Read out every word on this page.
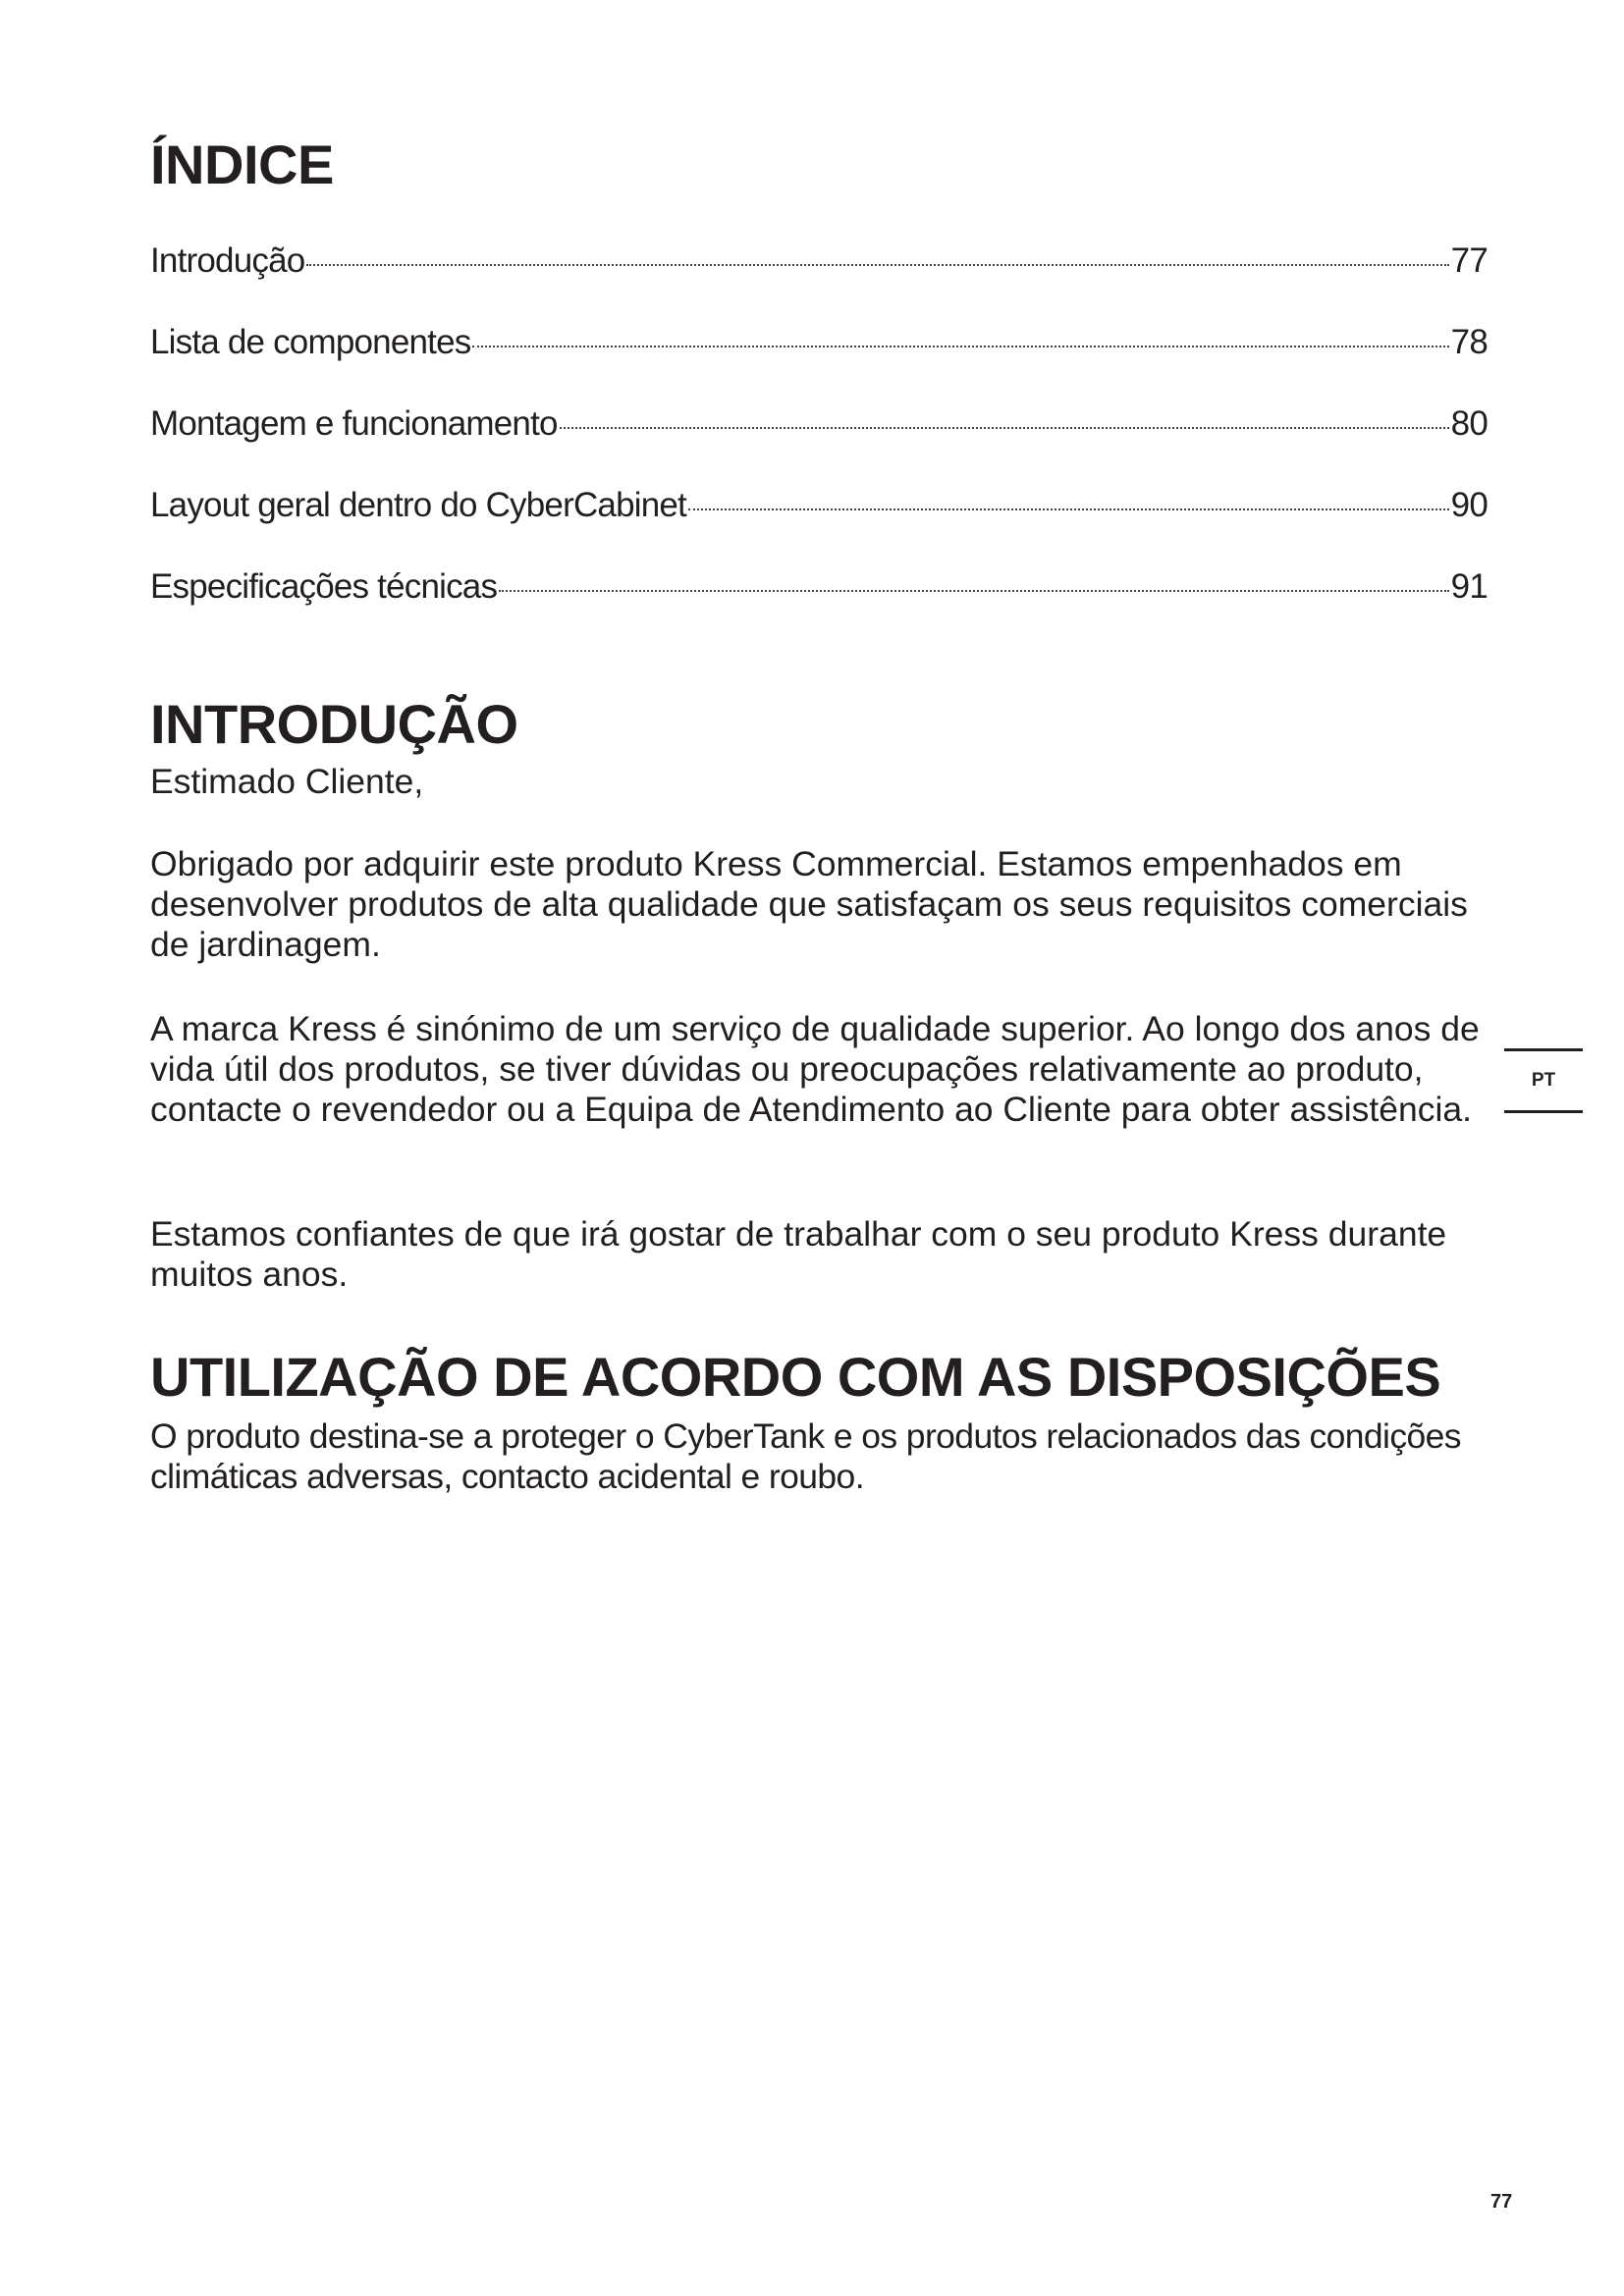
ÍNDICE
Introdução	77
Lista de componentes	78
Montagem e funcionamento	80
Layout geral dentro do CyberCabinet	90
Especificações técnicas	91
INTRODUÇÃO

Estimado Cliente,

Obrigado por adquirir este produto Kress Commercial. Estamos empenhados em desenvolver produtos de alta qualidade que satisfaçam os seus requisitos comerciais de jardinagem.

A marca Kress é sinónimo de um serviço de qualidade superior. Ao longo dos anos de vida útil dos produtos, se tiver dúvidas ou preocupações relativamente ao produto, contacte o revendedor ou a Equipa de Atendimento ao Cliente para obter assistência.

Estamos confiantes de que irá gostar de trabalhar com o seu produto Kress durante muitos anos.

UTILIZAÇÃO DE ACORDO COM AS DISPOSIÇÕES

O produto destina-se a proteger o CyberTank e os produtos relacionados das condições climáticas adversas, contacto acidental e roubo.

PT
77
